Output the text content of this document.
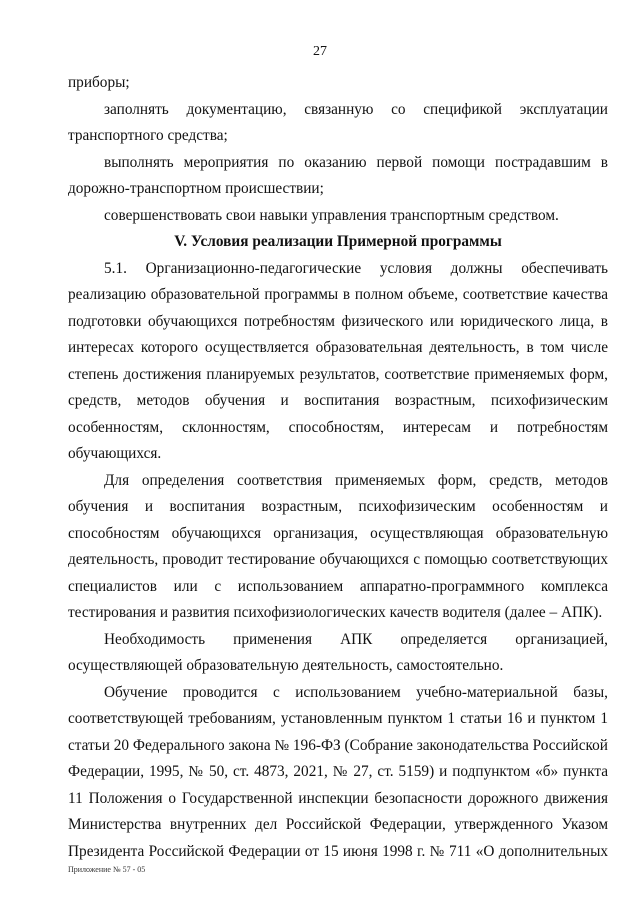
27

приборы;

заполнять документацию, связанную со спецификой эксплуатации транспортного средства;

выполнять мероприятия по оказанию первой помощи пострадавшим в дорожно-транспортном происшествии;

совершенствовать свои навыки управления транспортным средством.

V. Условия реализации Примерной программы

5.1. Организационно-педагогические условия должны обеспечивать реализацию образовательной программы в полном объеме, соответствие качества подготовки обучающихся потребностям физического или юридического лица, в интересах которого осуществляется образовательная деятельность, в том числе степень достижения планируемых результатов, соответствие применяемых форм, средств, методов обучения и воспитания возрастным, психофизическим особенностям, склонностям, способностям, интересам и потребностям обучающихся.

Для определения соответствия применяемых форм, средств, методов обучения и воспитания возрастным, психофизическим особенностям и способностям обучающихся организация, осуществляющая образовательную деятельность, проводит тестирование обучающихся с помощью соответствующих специалистов или с использованием аппаратно-программного комплекса тестирования и развития психофизиологических качеств водителя (далее – АПК).

Необходимость применения АПК определяется организацией, осуществляющей образовательную деятельность, самостоятельно.

Обучение проводится с использованием учебно-материальной базы, соответствующей требованиям, установленным пунктом 1 статьи 16 и пунктом 1 статьи 20 Федерального закона № 196-ФЗ (Собрание законодательства Российской Федерации, 1995, № 50, ст. 4873, 2021, № 27, ст. 5159) и подпунктом «б» пункта 11 Положения о Государственной инспекции безопасности дорожного движения Министерства внутренних дел Российской Федерации, утвержденного Указом Президента Российской Федерации от 15 июня 1998 г. № 711 «О дополнительных

Приложение № 57 - 05
